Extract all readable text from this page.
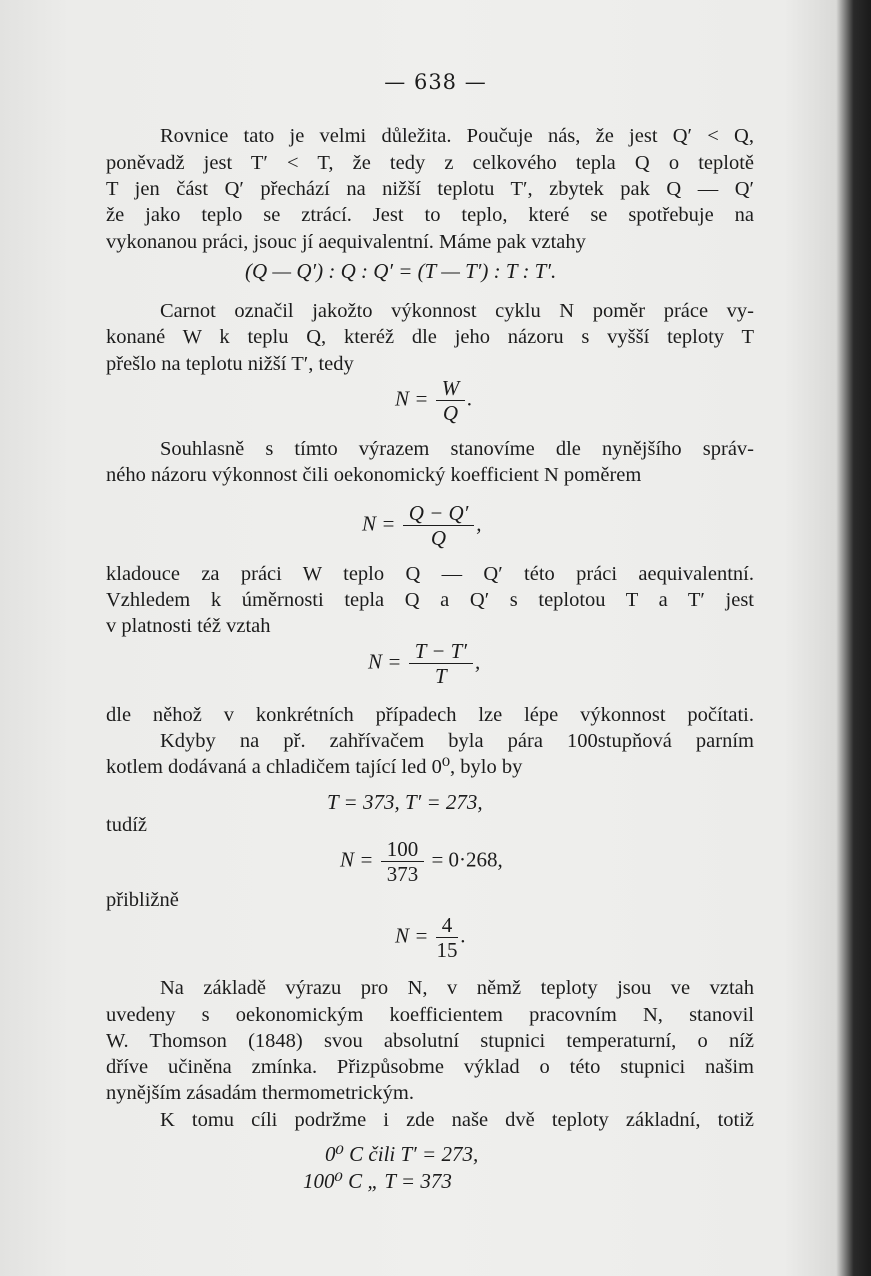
— 638 —
Rovnice tato je velmi důležita. Poučuje nás, že jest Q′ < Q,
poněvadž jest T′ < T, že tedy z celkového tepla Q o teplotě
T jen část Q′ přechází na nižší teplotu T′, zbytek pak Q — Q′
že jako teplo se ztrácí. Jest to teplo, které se spotřebuje na
vykonanou práci, jsouc jí aequivalentní. Máme pak vztahy
(Q — Q′) : Q : Q′ = (T — T′) : T : T′.
Carnot označil jakožto výkonnost cyklu N poměr práce vy-
konané W k teplu Q, kteréž dle jeho názoru s vyšší teploty T
přešlo na teplotu nižší T′, tedy
$N = \frac{W}{Q}$ .
Souhlasně s tímto výrazem stanovíme dle nynějšího správ-
ného názoru výkonnost čili oekonomický koefficient N poměrem
$N = \frac{Q - Q'}{Q}$ ,
kladouce za práci W teplo Q — Q′ této práci aequivalentní.
Vzhledem k úměrnosti tepla Q a Q′ s teplotou T a T′ jest
v platnosti též vztah
$N = \frac{T - T'}{T}$ ,
dle něhož v konkrétních případech lze lépe výkonnost počítati.
Kdyby na př. zahřívačem byla pára 100stupňová parním
kotlem dodávaná a chladičem tající led 0⁰, bylo by
T = 373, T′ = 273,
tudíž
$N = \frac{100}{373} = 0\cdot 268$,
přibližně
$N = \frac{4}{15}$ .
Na základě výrazu pro N, v němž teploty jsou ve vztah
uvedeny s oekonomickým koefficientem pracovním N, stanovil
W. Thomson (1848) svou absolutní stupnici temperaturní, o níž
dříve učiněna zmínka. Přizpůsobme výklad o této stupnici našim
nynějším zásadám thermometrickým.
K tomu cíli podržme i zde naše dvě teploty základní, totiž
0⁰ C čili T′ = 273,
100⁰ C „ T = 373
